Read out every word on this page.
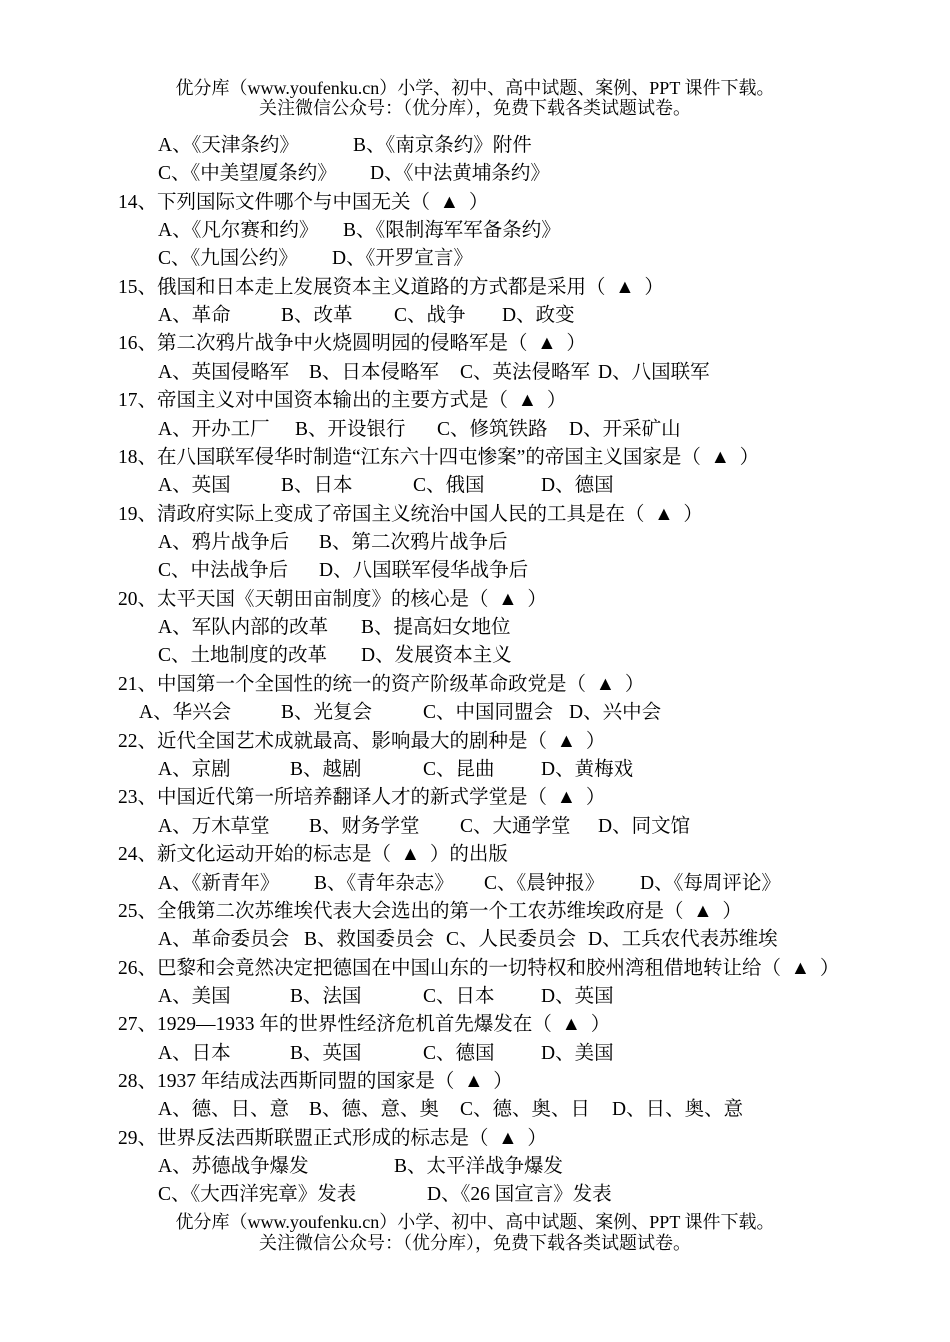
优分库（www.youfenku.cn）小学、初中、高中试题、案例、PPT 课件下载。
关注微信公众号：（优分库），免费下载各类试题试卷。

A、《天津条约》

	B、《南京条约》附件

C、《中美望厦条约》

D、《中法黄埔条约》

14、下列国际文件哪个与中国无关（  ▲  ）

A、《凡尔赛和约》

B、《限制海军军备条约》

C、《九国公约》

D、《开罗宣言》

15、俄国和日本走上发展资本主义道路的方式都是采用（  ▲  ）

A、革命

	B、改革

C、战争

D、政变

16、第二次鸦片战争中火烧圆明园的侵略军是（  ▲  ）

A、英国侵略军

B、日本侵略军

C、英法侵略军

D、八国联军

17、帝国主义对中国资本输出的主要方式是（  ▲  ）

A、开办工厂

B、开设银行

C、修筑铁路

D、开采矿山

18、在八国联军侵华时制造“江东六十四屯惨案”的帝国主义国家是（  ▲  ）

A、英国

	B、日本

	C、俄国

	D、德国

19、清政府实际上变成了帝国主义统治中国人民的工具是在（  ▲  ）

A、鸦片战争后

B、第二次鸦片战争后

C、中法战争后

D、八国联军侵华战争后

20、太平天国《天朝田亩制度》的核心是（  ▲  ）

A、军队内部的改革

B、提高妇女地位

C、土地制度的改革

D、发展资本主义

21、中国第一个全国性的统一的资产阶级革命政党是（  ▲  ）

A、华兴会

	B、光复会

	C、中国同盟会

D、兴中会

22、近代全国艺术成就最高、影响最大的剧种是（  ▲  ）

A、京剧

	B、越剧

	C、昆曲

D、黄梅戏

23、中国近代第一所培养翻译人才的新式学堂是（  ▲  ）

A、万木草堂

B、财务学堂

C、大通学堂

D、同文馆

24、新文化运动开始的标志是（  ▲  ）的出版

A、《新青年》

B、《青年杂志》

C、《晨钟报》

D、《每周评论》

25、全俄第二次苏维埃代表大会选出的第一个工农苏维埃政府是（  ▲  ）

A、革命委员会

B、救国委员会

C、人民委员会

D、工兵农代表苏维埃

26、巴黎和会竟然决定把德国在中国山东的一切特权和胶州湾租借地转让给（  ▲  ）

A、美国

	B、法国

	C、日本

D、英国

27、1929—1933 年的世界性经济危机首先爆发在（  ▲  ）

A、日本

	B、英国

	C、德国

D、美国

28、1937 年结成法西斯同盟的国家是（  ▲  ）

A、德、日、意

B、德、意、奥

C、德、奥、日

D、日、奥、意

29、世界反法西斯联盟正式形成的标志是（  ▲  ）

A、苏德战争爆发

	B、太平洋战争爆发

C、《大西洋宪章》发表

	D、《26 国宣言》发表

优分库（www.youfenku.cn）小学、初中、高中试题、案例、PPT 课件下载。
关注微信公众号：（优分库），免费下载各类试题试卷。
